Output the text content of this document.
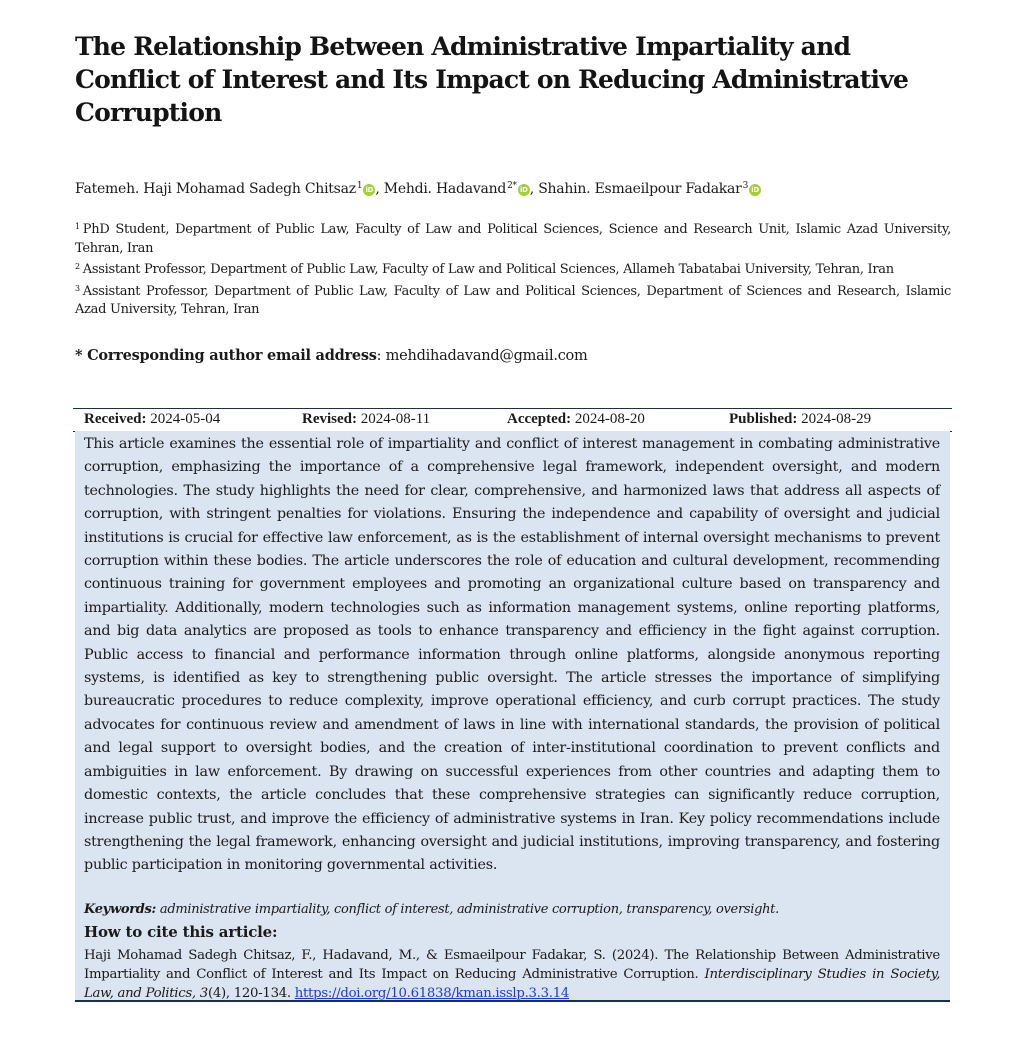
The Relationship Between Administrative Impartiality and Conflict of Interest and Its Impact on Reducing Administrative Corruption
Fatemeh. Haji Mohamad Sadegh Chitsaz$^1$ iD , Mehdi. Hadavand$^{2*}$ iD , Shahin. Esmaeilpour Fadakar$^3$ iD

$^1$ PhD Student, Department of Public Law, Faculty of Law and Political Sciences, Science and Research Unit, Islamic Azad University, Tehran, Iran

$^2$ Assistant Professor, Department of Public Law, Faculty of Law and Political Sciences, Allameh Tabatabai University, Tehran, Iran

$^3$ Assistant Professor, Department of Public Law, Faculty of Law and Political Sciences, Department of Sciences and Research, Islamic Azad University, Tehran, Iran

* Corresponding author email address: mehdihadavand@gmail.com
Received: 2024-05-04	Revised: 2024-08-11	Accepted: 2024-08-20	Published: 2024-08-29

This article examines the essential role of impartiality and conflict of interest management in combating administrative corruption, emphasizing the importance of a comprehensive legal framework, independent oversight, and modern technologies. The study highlights the need for clear, comprehensive, and harmonized laws that address all aspects of corruption, with stringent penalties for violations. Ensuring the independence and capability of oversight and judicial institutions is crucial for effective law enforcement, as is the establishment of internal oversight mechanisms to prevent corruption within these bodies. The article underscores the role of education and cultural development, recommending continuous training for government employees and promoting an organizational culture based on transparency and impartiality. Additionally, modern technologies such as information management systems, online reporting platforms, and big data analytics are proposed as tools to enhance transparency and efficiency in the fight against corruption. Public access to financial and performance information through online platforms, alongside anonymous reporting systems, is identified as key to strengthening public oversight. The article stresses the importance of simplifying bureaucratic procedures to reduce complexity, improve operational efficiency, and curb corrupt practices. The study advocates for continuous review and amendment of laws in line with international standards, the provision of political and legal support to oversight bodies, and the creation of inter-institutional coordination to prevent conflicts and ambiguities in law enforcement. By drawing on successful experiences from other countries and adapting them to domestic contexts, the article concludes that these comprehensive strategies can significantly reduce corruption, increase public trust, and improve the efficiency of administrative systems in Iran. Key policy recommendations include strengthening the legal framework, enhancing oversight and judicial institutions, improving transparency, and fostering public participation in monitoring governmental activities.

Keywords: administrative impartiality, conflict of interest, administrative corruption, transparency, oversight.
How to cite this article:

Haji Mohamad Sadegh Chitsaz, F., Hadavand, M., & Esmaeilpour Fadakar, S. (2024). The Relationship Between Administrative Impartiality and Conflict of Interest and Its Impact on Reducing Administrative Corruption. Interdisciplinary Studies in Society, Law, and Politics, 3(4), 120-134. https://doi.org/10.61838/kman.isslp.3.3.14
